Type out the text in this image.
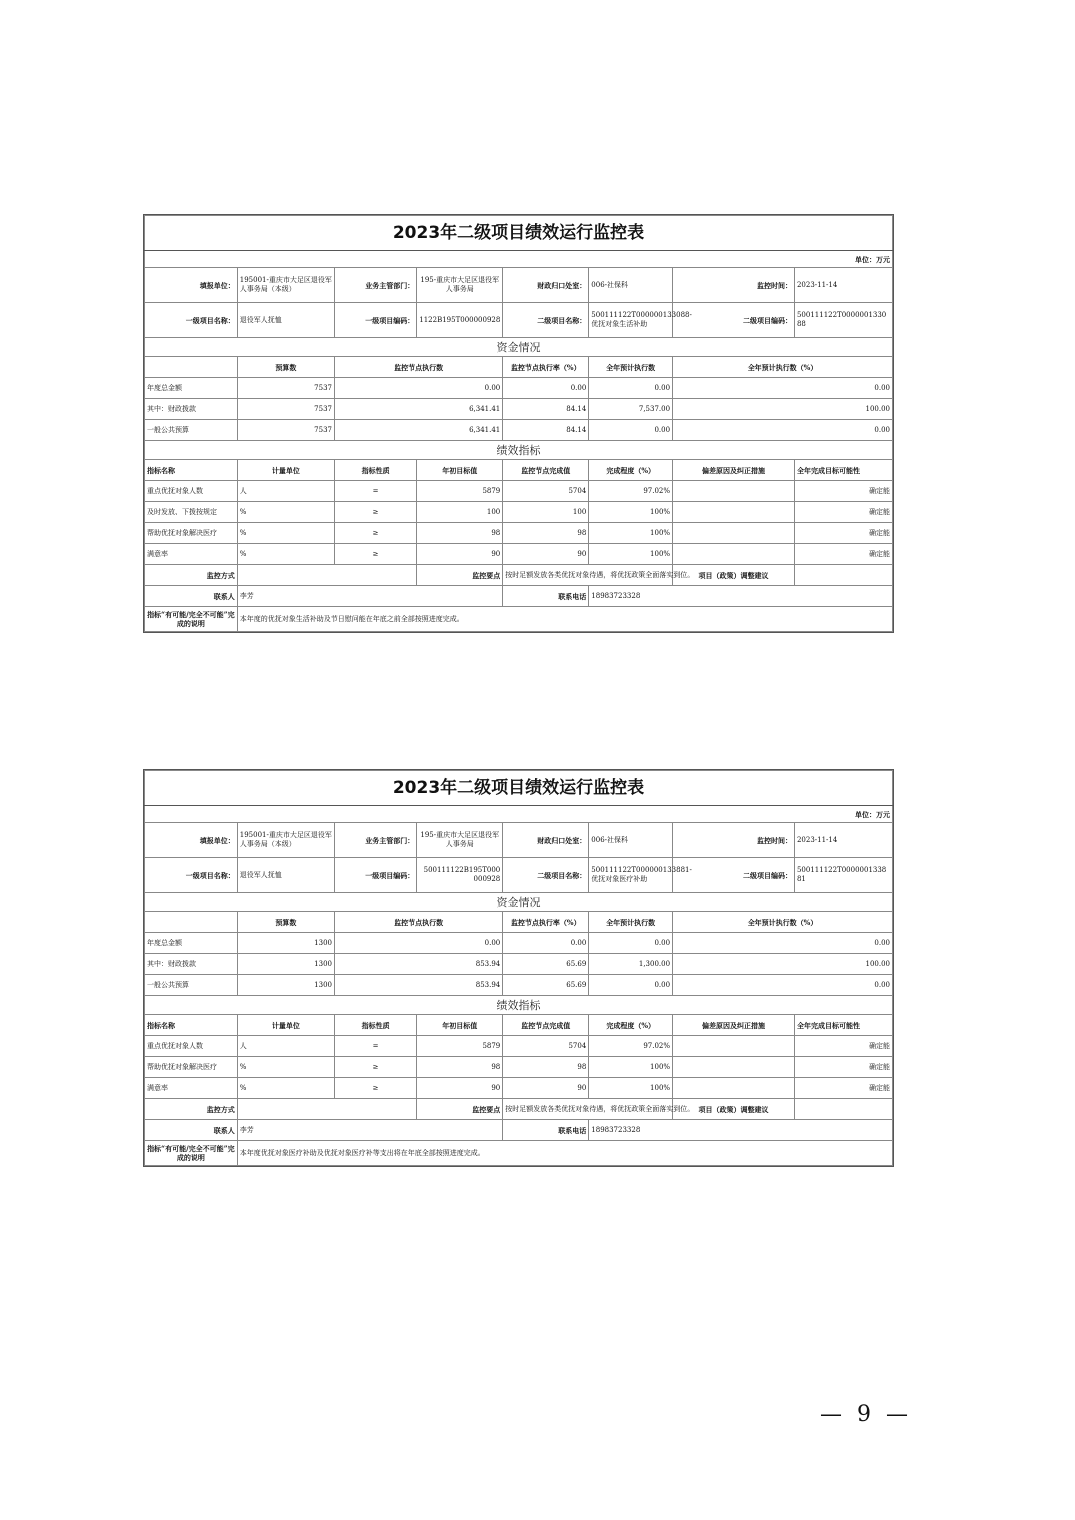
2023年二级项目绩效运行监控表							
单位：万元							
填报单位：	195001-重庆市大足区退役军人事务局（本级）	业务主管部门：	195-重庆市大足区退役军人事务局	财政归口处室：	006-社保科	监控时间：	2023-11-14
一级项目名称：	退役军人抚恤	一级项目编码：	1122B195T000000928	二级项目名称：	500111122T000000133088-优抚对象生活补助	二级项目编码：	500111122T000000133088
资金情况							
	预算数	监控节点执行数		监控节点执行率（%）	全年预计执行数	全年预计执行数（%）	
年度总金额	7537	0.00		0.00	0.00	0.00	
其中：财政拨款	7537	6,341.41		84.14	7,537.00	100.00	
一般公共预算	7537	6,341.41		84.14	0.00	0.00	
绩效指标							
指标名称	计量单位	指标性质	年初目标值	监控节点完成值	完成程度（%）	偏差原因及纠正措施	全年完成目标可能性
重点优抚对象人数	人	=	5879	5704	97.02%		确定能
及时发放、下拨按规定	%	≥	100	100	100%		确定能
帮助优抚对象解决医疗	%	≥	98	98	100%		确定能
满意率	%	≥	90	90	100%		确定能
监控方式			监控要点	按时足额发放各类优抚对象待遇，将优抚政策全面落实到位。		项目（政策）调整建议	
联系人	李芳			联系电话	18983723328		
指标“有可能/完全不可能”完成的说明	本年度的优抚对象生活补助及节日慰问能在年底之前全部按照进度完成。						
2023年二级项目绩效运行监控表							
单位：万元							
填报单位：	195001-重庆市大足区退役军人事务局（本级）	业务主管部门：	195-重庆市大足区退役军人事务局	财政归口处室：	006-社保科	监控时间：	2023-11-14
一级项目名称：	退役军人抚恤	一级项目编码：	500111122B195T000000928	二级项目名称：	500111122T000000133881-优抚对象医疗补助	二级项目编码：	500111122T000000133881
资金情况							
	预算数	监控节点执行数		监控节点执行率（%）	全年预计执行数	全年预计执行数（%）	
年度总金额	1300	0.00		0.00	0.00	0.00	
其中：财政拨款	1300	853.94		65.69	1,300.00	100.00	
一般公共预算	1300	853.94		65.69	0.00	0.00	
绩效指标							
指标名称	计量单位	指标性质	年初目标值	监控节点完成值	完成程度（%）	偏差原因及纠正措施	全年完成目标可能性
重点优抚对象人数	人	=	5879	5704	97.02%		确定能
帮助优抚对象解决医疗	%	≥	98	98	100%		确定能
满意率	%	≥	90	90	100%		确定能
监控方式			监控要点	按时足额发放各类优抚对象待遇，将优抚政策全面落实到位。		项目（政策）调整建议	
联系人	李芳			联系电话	18983723328		
指标“有可能/完全不可能”完成的说明	本年度优抚对象医疗补助及优抚对象医疗补等支出将在年底全部按照进度完成。						
— 9 —
